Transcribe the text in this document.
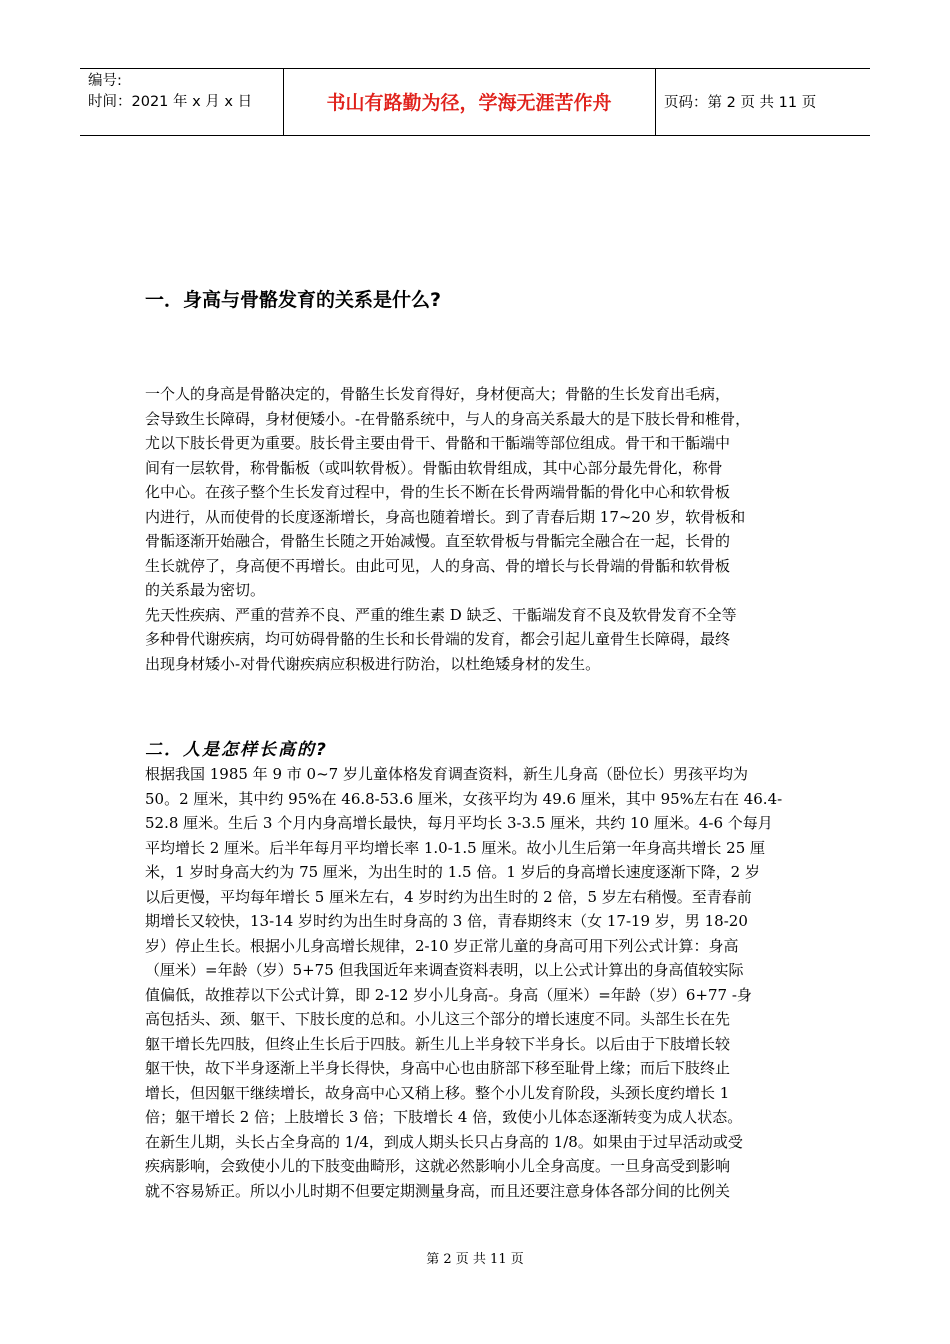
编号:
时间：2021 年 x 月 x 日	书山有路勤为径，学海无涯苦作舟	页码：第 2 页 共 11 页
一．身高与骨骼发育的关系是什么?
一个人的身高是骨骼决定的，骨骼生长发育得好，身材便高大；骨骼的生长发育出毛病，
会导致生长障碍，身材便矮小。-在骨骼系统中，与人的身高关系最大的是下肢长骨和椎骨，
尤以下肢长骨更为重要。肢长骨主要由骨干、骨骼和干骺端等部位组成。骨干和干骺端中
间有一层软骨，称骨骺板（或叫软骨板）。骨骺由软骨组成，其中心部分最先骨化，称骨
化中心。在孩子整个生长发育过程中，骨的生长不断在长骨两端骨骺的骨化中心和软骨板
内进行，从而使骨的长度逐渐增长，身高也随着增长。到了青春后期 17~20 岁，软骨板和
骨骺逐渐开始融合，骨骼生长随之开始减慢。直至软骨板与骨骺完全融合在一起，长骨的
生长就停了，身高便不再增长。由此可见，人的身高、骨的增长与长骨端的骨骺和软骨板
的关系最为密切。
先天性疾病、严重的营养不良、严重的维生素 D 缺乏、干骺端发育不良及软骨发育不全等
多种骨代谢疾病，均可妨碍骨骼的生长和长骨端的发育，都会引起儿童骨生长障碍，最终
出现身材矮小-对骨代谢疾病应积极进行防治，以杜绝矮身材的发生。
二．人是怎样长高的?
根据我国 1985 年 9 市 0~7 岁儿童体格发育调查资料，新生儿身高（卧位长）男孩平均为
50。2 厘米，其中约 95%在 46.8-53.6 厘米，女孩平均为 49.6 厘米，其中 95%左右在 46.4-
52.8 厘米。生后 3 个月内身高增长最快，每月平均长 3-3.5 厘米，共约 10 厘米。4-6 个每月
平均增长 2 厘米。后半年每月平均增长率 1.0-1.5 厘米。故小儿生后第一年身高共增长 25 厘
米，1 岁时身高大约为 75 厘米，为出生时的 1.5 倍。1 岁后的身高增长速度逐渐下降，2 岁
以后更慢，平均每年增长 5 厘米左右，4 岁时约为出生时的 2 倍，5 岁左右稍慢。至青春前
期增长又较快，13-14 岁时约为出生时身高的 3 倍，青春期终末（女 17-19 岁，男 18-20
岁）停止生长。根据小儿身高增长规律，2-10 岁正常儿童的身高可用下列公式计算：身高
（厘米）=年龄（岁）5+75 但我国近年来调查资料表明，以上公式计算出的身高值较实际
值偏低，故推荐以下公式计算，即 2-12 岁小儿身高-。身高（厘米）=年龄（岁）6+77 -身
高包括头、颈、躯干、下肢长度的总和。小儿这三个部分的增长速度不同。头部生长在先
躯干增长先四肢，但终止生长后于四肢。新生儿上半身较下半身长。以后由于下肢增长较
躯干快，故下半身逐渐上半身长得快，身高中心也由脐部下移至耻骨上缘；而后下肢终止
增长，但因躯干继续增长，故身高中心又稍上移。整个小儿发育阶段，头颈长度约增长 1
倍；躯干增长 2 倍；上肢增长 3 倍；下肢增长 4 倍，致使小儿体态逐渐转变为成人状态。
在新生儿期，头长占全身高的 1/4，到成人期头长只占身高的 1/8。如果由于过早活动或受
疾病影响，会致使小儿的下肢变曲畸形，这就必然影响小儿全身高度。一旦身高受到影响
就不容易矫正。所以小儿时期不但要定期测量身高，而且还要注意身体各部分间的比例关
第 2 页 共 11 页
